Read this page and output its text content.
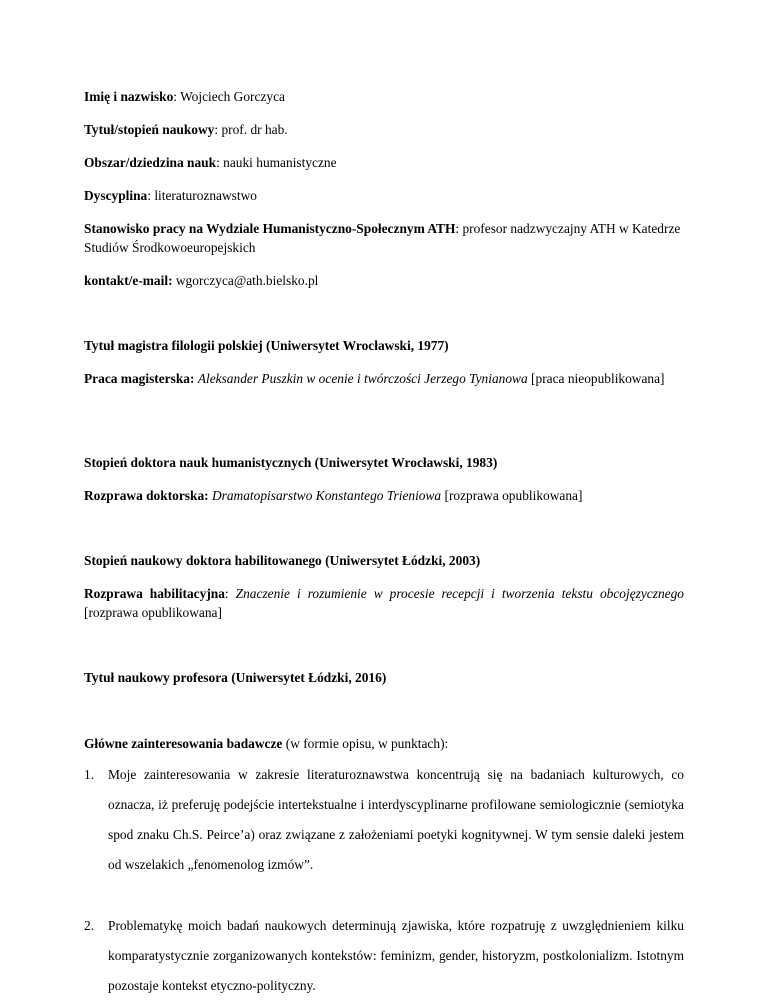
Imię i nazwisko: Wojciech Gorczyca

Tytuł/stopień naukowy: prof. dr hab.

Obszar/dziedzina nauk: nauki humanistyczne

Dyscyplina: literaturoznawstwo

Stanowisko pracy na Wydziale Humanistyczno-Społecznym ATH: profesor nadzwyczajny ATH w Katedrze Studiów Środkowoeuropejskich

kontakt/e-mail: wgorczyca@ath.bielsko.pl

Tytuł magistra filologii polskiej (Uniwersytet Wrocławski, 1977)

Praca magisterska: Aleksander Puszkin w ocenie i twórczości Jerzego Tynianowa [praca nieopublikowana]

Stopień doktora nauk humanistycznych (Uniwersytet Wrocławski, 1983)

Rozprawa doktorska: Dramatopisarstwo Konstantego Trieniowa [rozprawa opublikowana]

Stopień naukowy doktora habilitowanego (Uniwersytet Łódzki, 2003)

Rozprawa habilitacyjna: Znaczenie i rozumienie w procesie recepcji i tworzenia tekstu obcojęzycznego [rozprawa opublikowana]

Tytuł naukowy profesora (Uniwersytet Łódzki, 2016)

Główne zainteresowania badawcze (w formie opisu, w punktach):

1. Moje zainteresowania w zakresie literaturoznawstwa koncentrują się na badaniach kulturowych, co oznacza, iż preferuję podejście intertekstualne i interdyscyplinarne profilowane semiologicznie (semiotyka spod znaku Ch.S. Peirce’a) oraz związane z założeniami poetyki kognitywnej. W tym sensie daleki jestem od wszelakich „fenomenolog izmów”.
2. Problematykę moich badań naukowych determinują zjawiska, które rozpatruję z uwzględnieniem kilku komparatystycznie zorganizowanych kontekstów: feminizm, gender, historyzm, postkolonializm. Istotnym pozostaje kontekst etyczno-polityczny.
